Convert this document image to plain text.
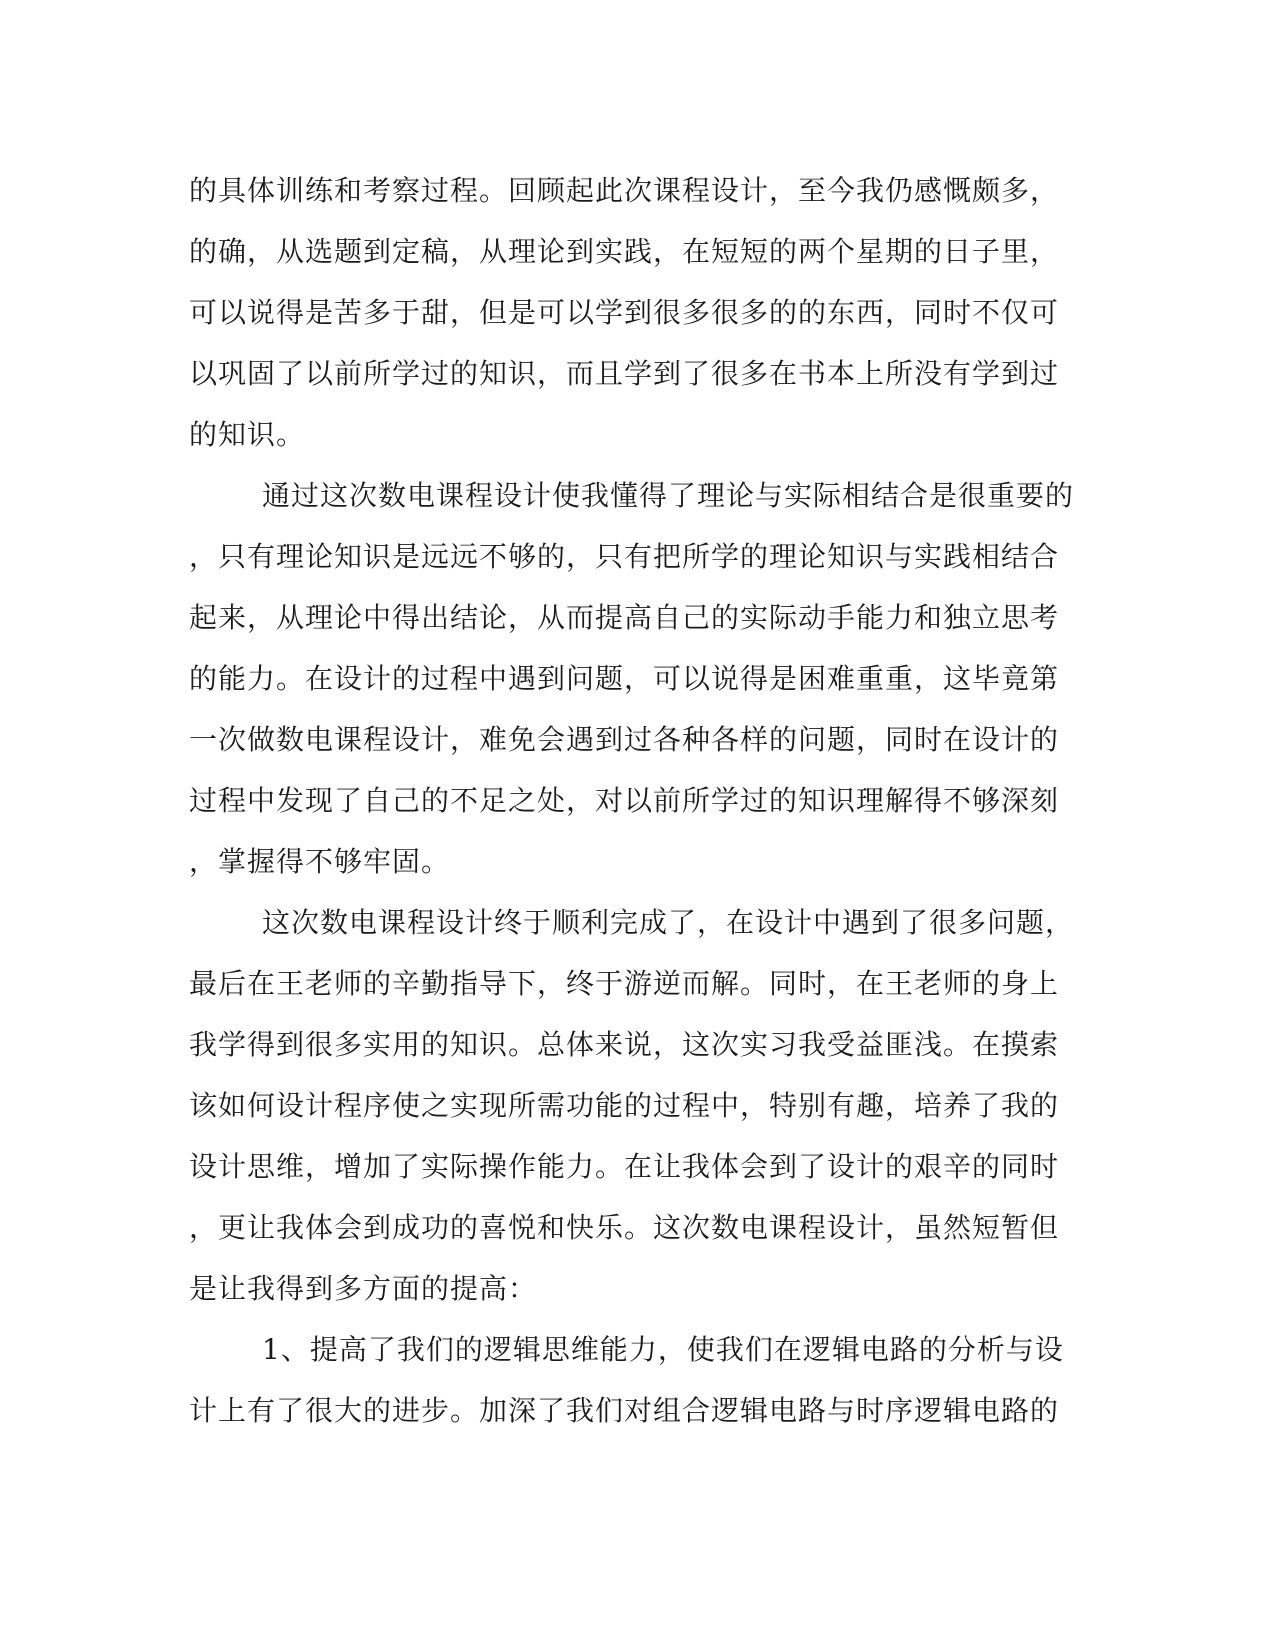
的具体训练和考察过程。回顾起此次课程设计，至今我仍感慨颇多，
的确，从选题到定稿，从理论到实践，在短短的两个星期的日子里，
可以说得是苦多于甜，但是可以学到很多很多的的东西，同时不仅可
以巩固了以前所学过的知识，而且学到了很多在书本上所没有学到过
的知识。
通过这次数电课程设计使我懂得了理论与实际相结合是很重要的
，只有理论知识是远远不够的，只有把所学的理论知识与实践相结合
起来，从理论中得出结论，从而提高自己的实际动手能力和独立思考
的能力。在设计的过程中遇到问题，可以说得是困难重重，这毕竟第
一次做数电课程设计，难免会遇到过各种各样的问题，同时在设计的
过程中发现了自己的不足之处，对以前所学过的知识理解得不够深刻
，掌握得不够牢固。
这次数电课程设计终于顺利完成了，在设计中遇到了很多问题，
最后在王老师的辛勤指导下，终于游逆而解。同时，在王老师的身上
我学得到很多实用的知识。总体来说，这次实习我受益匪浅。在摸索
该如何设计程序使之实现所需功能的过程中，特别有趣，培养了我的
设计思维，增加了实际操作能力。在让我体会到了设计的艰辛的同时
，更让我体会到成功的喜悦和快乐。这次数电课程设计，虽然短暂但
是让我得到多方面的提高：
1、提高了我们的逻辑思维能力，使我们在逻辑电路的分析与设
计上有了很大的进步。加深了我们对组合逻辑电路与时序逻辑电路的
